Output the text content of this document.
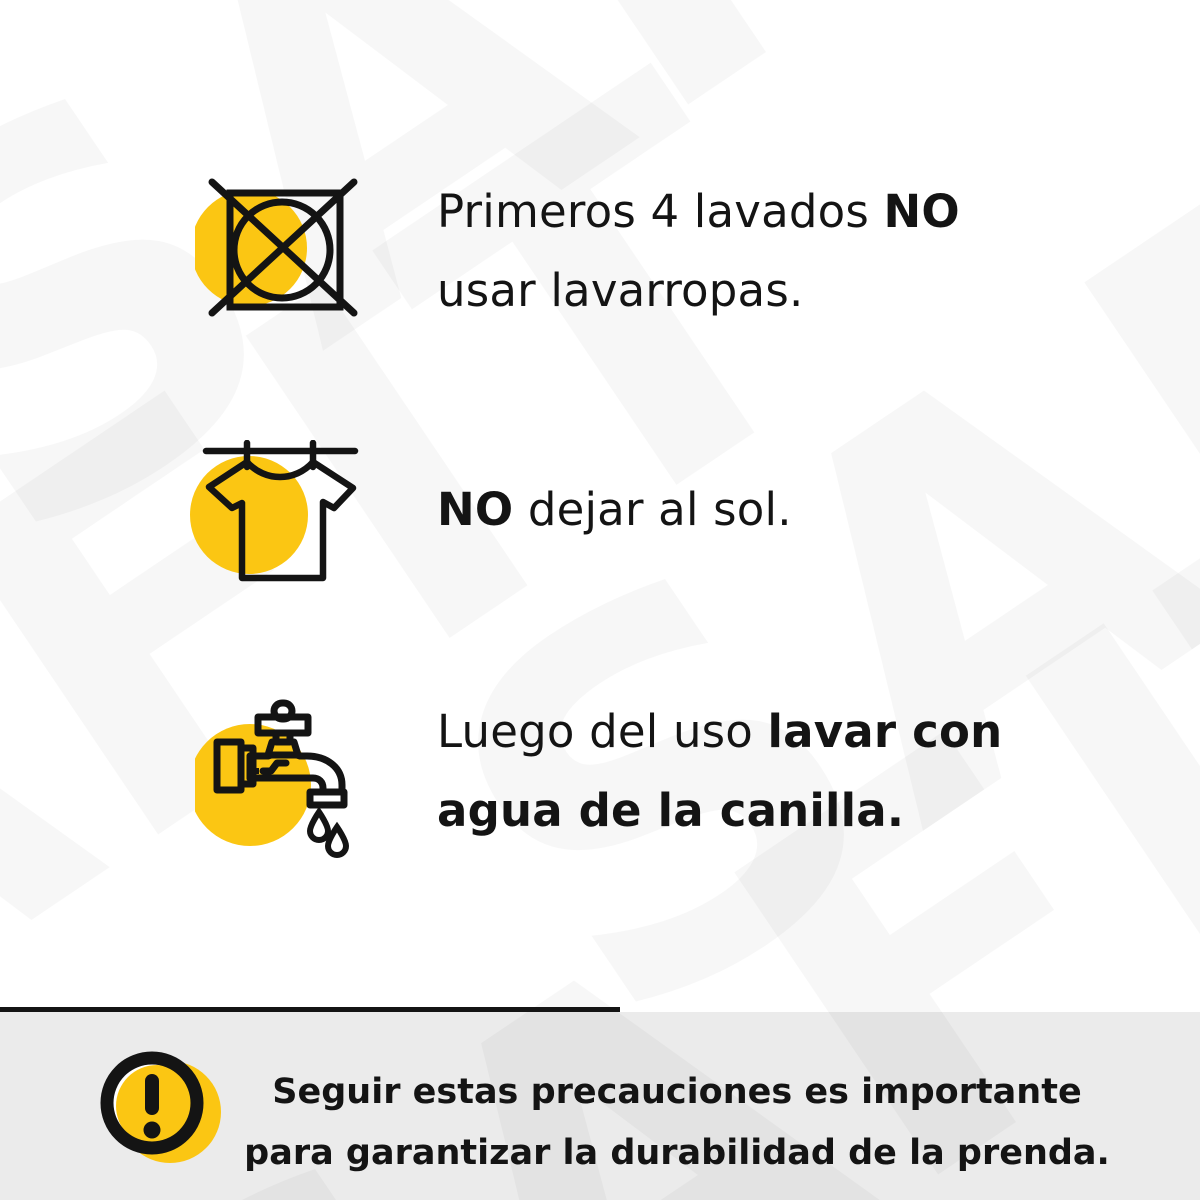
Primeros 4 lavados NO
usar lavarropas.
NO dejar al sol.
Luego del uso lavar con
agua de la canilla.
Seguir estas precauciones es importante
para garantizar la durabilidad de la prenda.
